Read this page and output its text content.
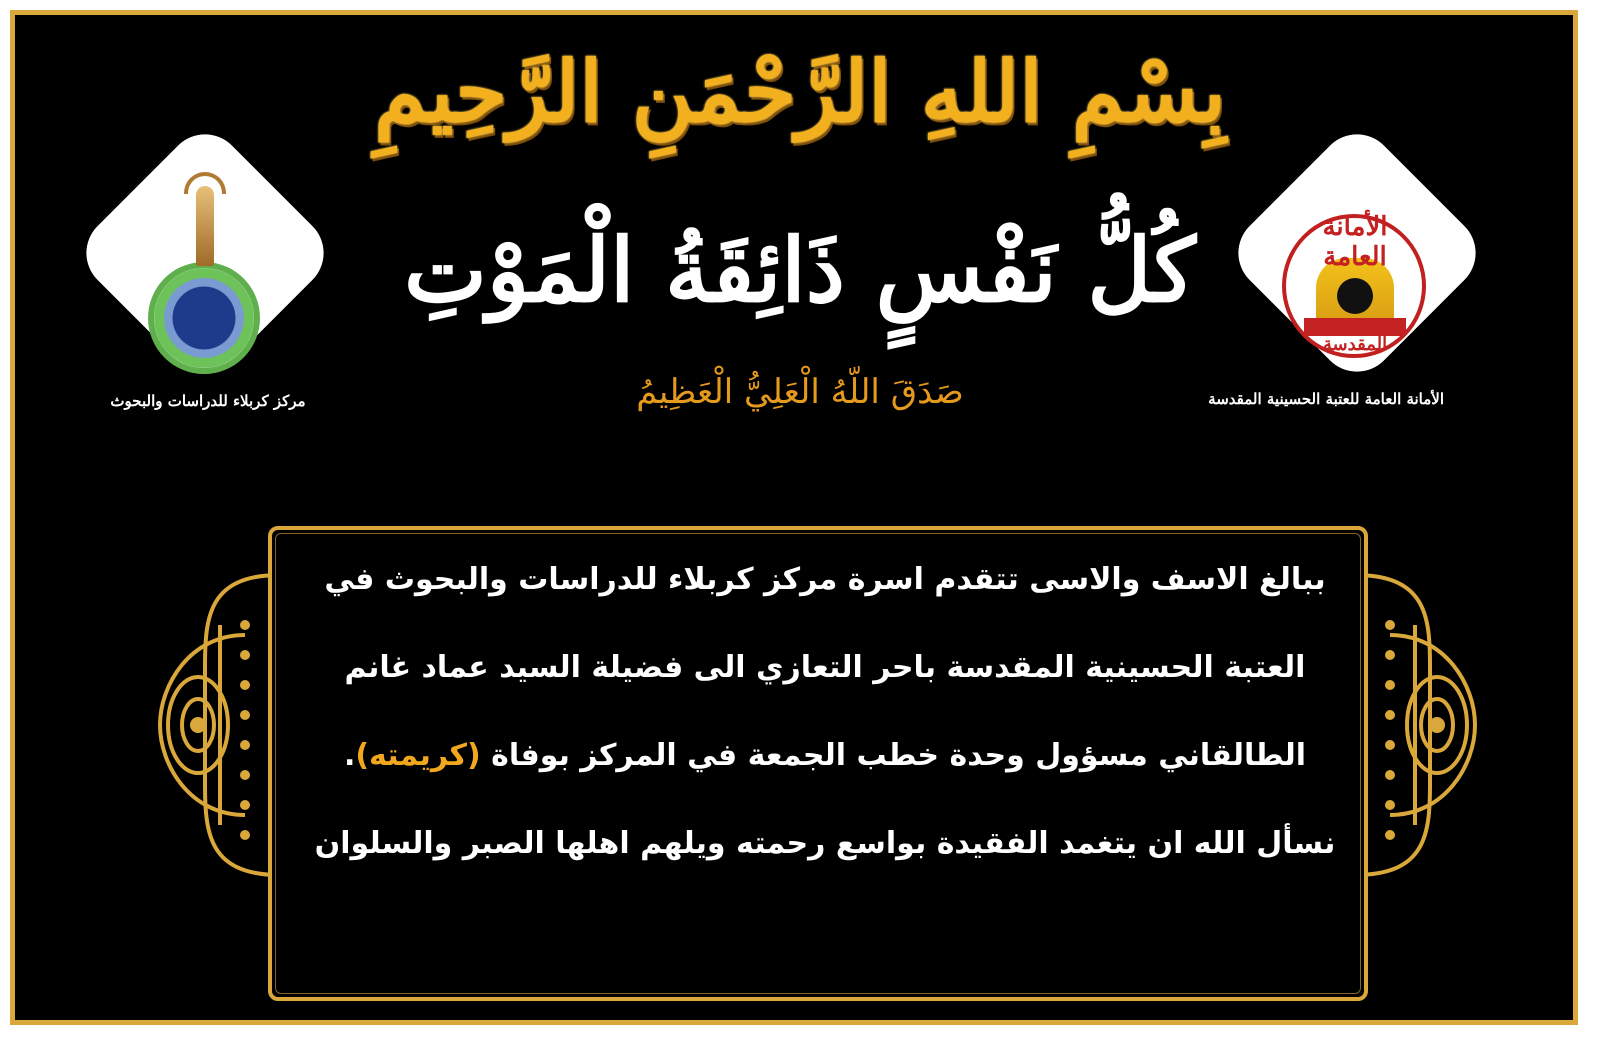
بِسْمِ اللهِ الرَّحْمَنِ الرَّحِيمِ
كُلُّ نَفْسٍ ذَائِقَةُ الْمَوْتِ
صَدَقَ اللّهُ الْعَلِيُّ الْعَظِيمُ
مركز كربلاء للدراسات والبحوث
الأمانة العامة
المقدسة
الأمانة العامة للعتبة الحسينية المقدسة
ببالغ الاسف والاسى تتقدم اسرة مركز كربلاء للدراسات والبحوث في
العتبة الحسينية المقدسة باحر التعازي الى فضيلة السيد عماد غانم
الطالقاني مسؤول وحدة خطب الجمعة في المركز بوفاة (كريمته).
نسأل الله ان يتغمد الفقيدة بواسع رحمته ويلهم اهلها الصبر والسلوان
